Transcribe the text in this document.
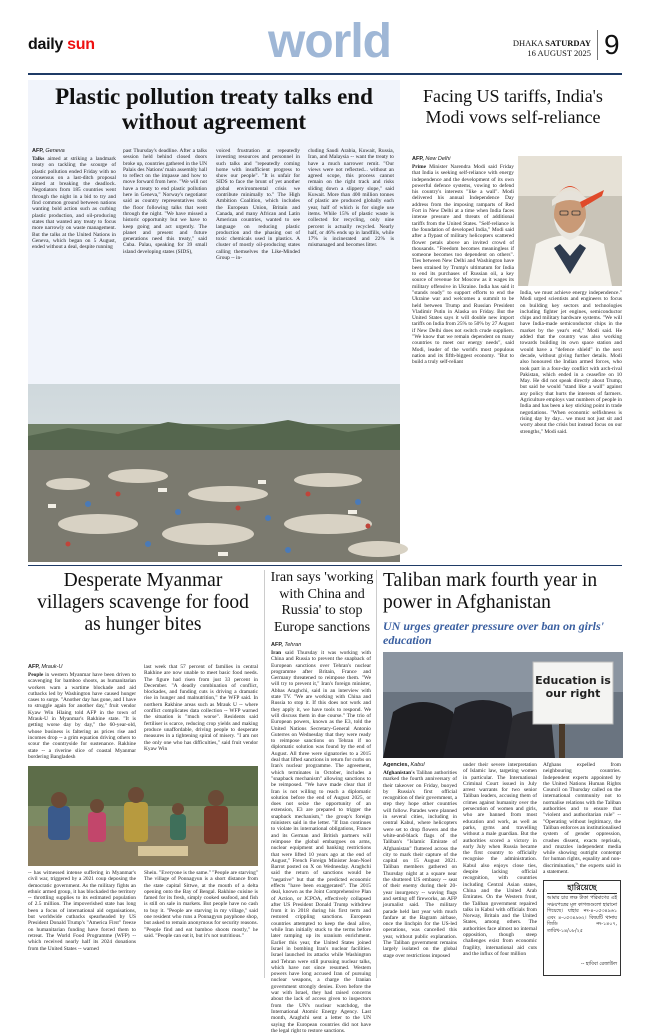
daily sun	world	DHAKA SATURDAY
16 AUGUST 2025 9
Plastic pollution treaty talks end without agreement
AFP, Geneva
Talks aimed at striking a landmark treaty on tackling the scourge of plastic pollution ended Friday with no consensus on a last-ditch proposal aimed at breaking the deadlock. Negotiators from 185 countries went through the night in a bid to try and find common ground between nations wanting bold action such as curbing plastic production, and oil-producing states that wanted any treaty to focus more narrowly on waste management. But the talks at the United Nations in Geneva, which began on 5 August, ended without a deal, despite running
past Thursday's deadline. After a talks session held behind closed doors broke up, countries gathered in the UN Palais des Nations' main assembly hall to reflect on the impasse and how to move forward from here. "We will not have a treaty to end plastic pollution here in Geneva," Norway's negotiator said as country representatives took the floor following talks that went through the night. "We have missed a historic opportunity but we have to keep going and act urgently. The planet and present and future generations need this treaty," said Cuba. Palau, speaking for 39 small island developing states (SIDS),
voiced frustration at repeatedly investing resources and personnel in such talks and "repeatedly coming home with insufficient progress to show our people". "It is unfair for SIDS to face the brunt of yet another global environmental crisis we contribute minimally to." The High Ambition Coalition, which includes the European Union, Britain and Canada, and many African and Latin American countries, wanted to see language on reducing plastic production and the phasing out of toxic chemicals used in plastics. A cluster of mostly oil-producing states calling themselves the Like-Minded Group -- in-
cluding Saudi Arabia, Kuwait, Russia, Iran, and Malaysia -- want the treaty to have a much narrower remit. "Our views were not reflected... without an agreed scope, this process cannot remain on the right track and risks sliding down a slippery slope," said Kuwait. More than 400 million tonnes of plastic are produced globally each year, half of which is for single use items. While 15% of plastic waste is collected for recycling, only nine percent is actually recycled. Nearly half, or 46% ends up in landfills, while 17% is incinerated and 22% is mismanaged and becomes litter.
Facing US tariffs, India's Modi vows self-reliance
AFP, New Delhi
Prime Minister Narendra Modi said Friday that India is seeking self-reliance with energy independence and the development of its own powerful defence systems, vowing to defend his country's interests "like a wall". Modi delivered his annual Independence Day address from the imposing ramparts of Red Fort in New Delhi at a time when India faces intense pressure and threats of additional tariffs from the United States. "Self-reliance is the foundation of developed India," Modi said after a flypast of military helicopters scattered flower petals above an invited crowd of thousands. "Freedom becomes meaningless if someone becomes too dependent on others". Ties between New Delhi and Washington have been strained by Trump's ultimatum for India to end its purchases of Russian oil, a key source of revenue for Moscow as it wages its military offensive in Ukraine. India has said it "stands ready" to support efforts to end the Ukraine war and welcomes a summit to be held between Trump and Russian President Vladimir Putin in Alaska on Friday. But the United States says it will double new import tariffs on India from 25% to 50% by 27 August if New Delhi does not switch crude suppliers. "We know that we remain dependent on many countries to meet our energy needs", said Modi, leader of the world's most populous nation and its fifth-biggest economy. "But to build a truly self-reliant
India, we must achieve energy independence." Modi urged scientists and engineers to focus on building key sectors and technologies including fighter jet engines, semiconductor chips and military hardware systems. "We will have India-made semiconductor chips in the market by the year's end," Modi said. He added that the country was also working towards building its own space station and would have a "defence shield" in the next decade, without giving further details. Modi also honoured the Indian armed forces, who took part in a four-day conflict with arch-rival Pakistan, which ended in a ceasefire on 10 May. He did not speak directly about Trump, but said he would "stand like a wall" against any policy that hurts the interests of farmers. Agriculture employs vast numbers of people in India and has been a key sticking point in trade negotiations. "When economic selfishness is rising day by day... we must not just sit and worry about the crisis but instead focus on our strengths," Modi said.
Desperate Myanmar villagers scavenge for food as hunger bites
AFP, Mrauk-U
People in western Myanmar have been driven to scavenging for bamboo shoots, as humanitarian workers warn a wartime blockade and aid cutbacks led by Washington have caused hunger cases to surge. "Another day has gone, and I have to struggle again for another day," fruit vendor Kyaw Win Hlaing told AFP in the town of Mrauk-U in Myanmar's Rakhine state. "It is getting worse day by day," the 60-year-old, whose business is faltering as prices rise and incomes drop -- a grim equation driving others to scour the countryside for sustenance. Rakhine state -- a riverine slice of coastal Myanmar bordering Bangladesh
last week that 57 percent of families in central Rakhine are now unable to meet basic food needs. The figure had risen from just 33 percent in December. "A deadly combination of conflict, blockades, and funding cuts is driving a dramatic rise in hunger and malnutrition," the WFP said. In northern Rakhine areas such as Mrauk U -- where conflict complicates data collection -- WFP warned the situation is "much worse". Residents said fertiliser is scarce, reducing crop yields and making produce unaffordable, driving people to desperate measures in a tightening spiral of misery. "I am not the only one who has difficulties," said fruit vendor Kyaw Win
-- has witnessed intense suffering in Myanmar's civil war, triggered by a 2021 coup deposing the democratic government. As the military fights an ethnic armed group, it has blockaded the territory -- throttling supplies to its estimated population of 2.5 million. The impoverished state has long been a focus of international aid organisations, but worldwide cutbacks spearheaded by US President Donald Trump's "America First" freeze on humanitarian funding have forced them to retreat. The World Food Programme (WFP) -- which received nearly half its 2024 donations from the United States -- warned
Shein. "Everyone is the same." "People are starving" The village of Ponnagyun is a short distance from the state capital Sittwe, at the mouth of a delta opening onto the Bay of Bengal. Rakhine cuisine is famed for its fresh, simply cooked seafood, and fish is still on sale in markets. But people have no cash to buy it. "People are starving in my village," said one resident who runs a Ponnagyun payphone shop, but asked to remain anonymous for security reasons. "People find and eat bamboo shoots mostly," he said. "People can eat it, but it's not nutritious."
Iran says 'working with China and Russia' to stop Europe sanctions
AFP, Tehran
Iran said Thursday it was working with China and Russia to prevent the snapback of European sanctions over Tehran's nuclear programme after Britain, France and Germany threatened to reimpose them. "We will try to prevent it," Iran's foreign minister, Abbas Araghchi, said in an interview with state TV. "We are working with China and Russia to stop it. If this does not work and they apply it, we have tools to respond. We will discuss them in due course." The trio of European powers, known as the E3, told the United Nations Secretary-General Antonio Guterres on Wednesday that they were ready to reimpose sanctions on Tehran if no diplomatic solution was found by the end of August. All three were signatories to a 2015 deal that lifted sanctions in return for curbs on Iran's nuclear programme. The agreement, which terminates in October, includes a "snapback mechanism" allowing sanctions to be reimposed. "We have made clear that if Iran is not willing to reach a diplomatic solution before the end of August 2025, or does not seize the opportunity of an extension, E3 are prepared to trigger the snapback mechanism," the group's foreign ministers said in the letter. "If Iran continues to violate its international obligations, France and its German and British partners will reimpose the global embargoes on arms, nuclear equipment and banking restrictions that were lifted 10 years ago at the end of August," French Foreign Minister Jean-Noel Barrot posted on X on Wednesday. Araghchi said the return of sanctions would be "negative" but that the predicted economic effects "have been exaggerated". The 2015 deal, known as the Joint Comprehensive Plan of Action, or JCPOA, effectively collapsed after US President Donald Trump withdrew from it in 2018 during his first term and restored crippling sanctions. European countries attempted to keep the deal alive, while Iran initially stuck to the terms before later ramping up its uranium enrichment. Earlier this year, the United States joined Israel in bombing Iran's nuclear facilities. Israel launched its attacks while Washington and Tehran were still pursuing nuclear talks, which have not since resumed. Western powers have long accused Iran of pursuing nuclear weapons, a charge the Iranian government strongly denies. Even before the war with Israel, they had raised concerns about the lack of access given to inspectors from the UN's nuclear watchdog, the International Atomic Energy Agency. Last month, Araghchi sent a letter to the UN saying the European countries did not have the legal right to restore sanctions.
Taliban mark fourth year in power in Afghanistan
UN urges greater pressure over ban on girls' education
Education is our right
Agencies, Kabul
Afghanistan's Taliban authorities marked the fourth anniversary of their takeover on Friday, buoyed by Russia's first official recognition of their government, a step they hope other countries will follow. Parades were planned in several cities, including in central Kabul, where helicopters were set to drop flowers and the white-and-black flags of the Taliban's "Islamic Emirate of Afghanistan" fluttered across the city to mark their capture of the capital on 15 August 2021. Taliban members gathered on Thursday night at a square near the shuttered US embassy -- seat of their enemy during their 20-year insurgency -- waving flags and setting off fireworks, an AFP journalist said. The military parade held last year with much fanfare at the Bagram airbase, once the linchpin for the US-led operations, was cancelled this year, without public explanation. The Taliban government remains largely isolated on the global stage over restrictions imposed
under their severe interpretation of Islamic law, targeting women in particular. The International Criminal Court issued in July arrest warrants for two senior Taliban leaders, accusing them of crimes against humanity over the persecution of women and girls, who are banned from most education and work, as well as parks, gyms and travelling without a male guardian. But the authorities scored a victory in early July when Russia became the first country to officially recognise the administration. Kabul also enjoys close ties, despite lacking official recognition, with countries including Central Asian states, China and the United Arab Emirates. On the Western front, the Taliban government repaired talks in Kabul with officials from Norway, Britain and the United States, among others. The authorities face almost no internal opposition, though steep challenges exist from economic fragility, international aid cuts and the influx of four million
Afghans expelled from neighbouring countries. Independent experts appointed by the United Nations Human Rights Council on Thursday called on the international community not to normalise relations with the Taliban authorities and to ensure that "violent and authoritarian rule" -- "Operating without legitimacy, the Taliban enforces an institutionalised system of gender oppression, crushes dissent, exacts reprisals, and muzzles independent media while showing outright contempt for human rights, equality and non-discrimination," the experts said in a statement.
হারিয়েছে
আমার চার লক্ষ টাকা পরিমাণের এই সঞ্চয়পত্রের মূল কাগজগুলো হারানো গিয়েছে। যাহার নং-৪-০৫৩৪৯৬১ এবং ৪-০৫৩৪৯৬২। বিষয়টি থানায় জিডি নং-১৪০৭, তারিখ-১৪/০৮/২৫
-- হাবিবা রেজাউল
